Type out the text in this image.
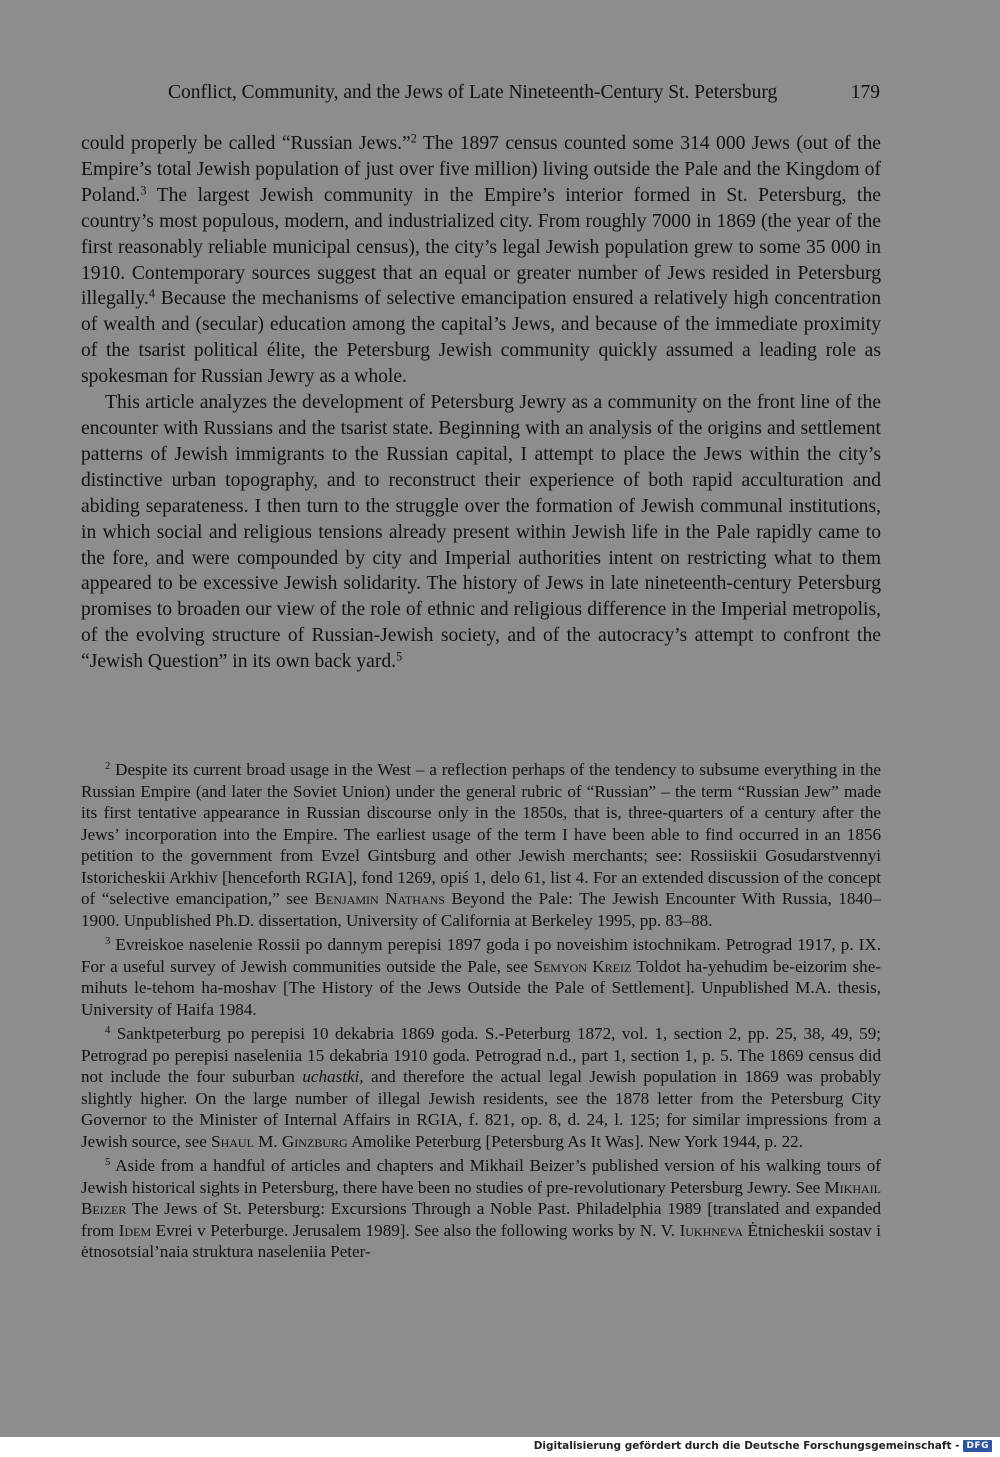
Conflict, Community, and the Jews of Late Nineteenth-Century St. Petersburg	179

could properly be called “Russian Jews.”$^2$ The 1897 census counted some 314 000 Jews (out of the Empire’s total Jewish population of just over five million) living outside the Pale and the Kingdom of Poland.$^3$ The largest Jewish community in the Empire’s interior formed in St. Petersburg, the country’s most populous, modern, and industrialized city. From roughly 7000 in 1869 (the year of the first reasonably reliable municipal census), the city’s legal Jewish population grew to some 35 000 in 1910. Contemporary sources suggest that an equal or greater number of Jews resided in Petersburg illegally.$^4$ Because the mechanisms of selective emancipation ensured a relatively high concentration of wealth and (secular) education among the capital’s Jews, and because of the immediate proximity of the tsarist political élite, the Petersburg Jewish community quickly assumed a leading role as spokesman for Russian Jewry as a whole.

This article analyzes the development of Petersburg Jewry as a community on the front line of the encounter with Russians and the tsarist state. Beginning with an analysis of the origins and settlement patterns of Jewish immigrants to the Russian capital, I attempt to place the Jews within the city’s distinctive urban topography, and to reconstruct their experience of both rapid acculturation and abiding separateness. I then turn to the struggle over the formation of Jewish communal institutions, in which social and religious tensions already present within Jewish life in the Pale rapidly came to the fore, and were compounded by city and Imperial authorities intent on restricting what to them appeared to be excessive Jewish solidarity. The history of Jews in late nineteenth-century Petersburg promises to broaden our view of the role of ethnic and religious difference in the Imperial metropolis, of the evolving structure of Russian-Jewish society, and of the autocracy’s attempt to confront the “Jewish Question” in its own back yard.$^5$

$^2$ Despite its current broad usage in the West – a reflection perhaps of the tendency to subsume everything in the Russian Empire (and later the Soviet Union) under the general rubric of “Russian” – the term “Russian Jew” made its first tentative appearance in Russian discourse only in the 1850s, that is, three-quarters of a century after the Jews’ incorporation into the Empire. The earliest usage of the term I have been able to find occurred in an 1856 petition to the government from Evzel Gintsburg and other Jewish merchants; see: Rossiiskii Gosudarstvennyi Istoricheskii Arkhiv [henceforth RGIA], fond 1269, opiś 1, delo 61, list 4. For an extended discussion of the concept of “selective emancipation,” see Benjamin Nathans Beyond the Pale: The Jewish Encounter With Russia, 1840–1900. Unpublished Ph.D. dissertation, University of California at Berkeley 1995, pp. 83–88.

$^3$ Evreiskoe naselenie Rossii po dannym perepisi 1897 goda i po noveishim istochnikam. Petrograd 1917, p. IX. For a useful survey of Jewish communities outside the Pale, see Semyon Kreiz Toldot ha-yehudim be-eizorim she-mihuts le-tehom ha-moshav [The History of the Jews Outside the Pale of Settlement]. Unpublished M.A. thesis, University of Haifa 1984.

$^4$ Sanktpeterburg po perepisi 10 dekabria 1869 goda. S.-Peterburg 1872, vol. 1, section 2, pp. 25, 38, 49, 59; Petrograd po perepisi naseleniia 15 dekabria 1910 goda. Petrograd n.d., part 1, section 1, p. 5. The 1869 census did not include the four suburban uchastki, and therefore the actual legal Jewish population in 1869 was probably slightly higher. On the large number of illegal Jewish residents, see the 1878 letter from the Petersburg City Governor to the Minister of Internal Affairs in RGIA, f. 821, op. 8, d. 24, l. 125; for similar impressions from a Jewish source, see Shaul M. Ginzburg Amolike Peterburg [Petersburg As It Was]. New York 1944, p. 22.

$^5$ Aside from a handful of articles and chapters and Mikhail Beizer’s published version of his walking tours of Jewish historical sights in Petersburg, there have been no studies of pre-revolutionary Petersburg Jewry. See Mikhail Beizer The Jews of St. Petersburg: Excursions Through a Noble Past. Philadelphia 1989 [translated and expanded from Idem Evrei v Peterburge. Jerusalem 1989]. See also the following works by N. V. Iukhneva Ėtnicheskii sostav i ėtnosotsial’naia struktura naseleniia Peter-

Digitalisierung gefördert durch die Deutsche Forschungsgemeinschaft - DFG
